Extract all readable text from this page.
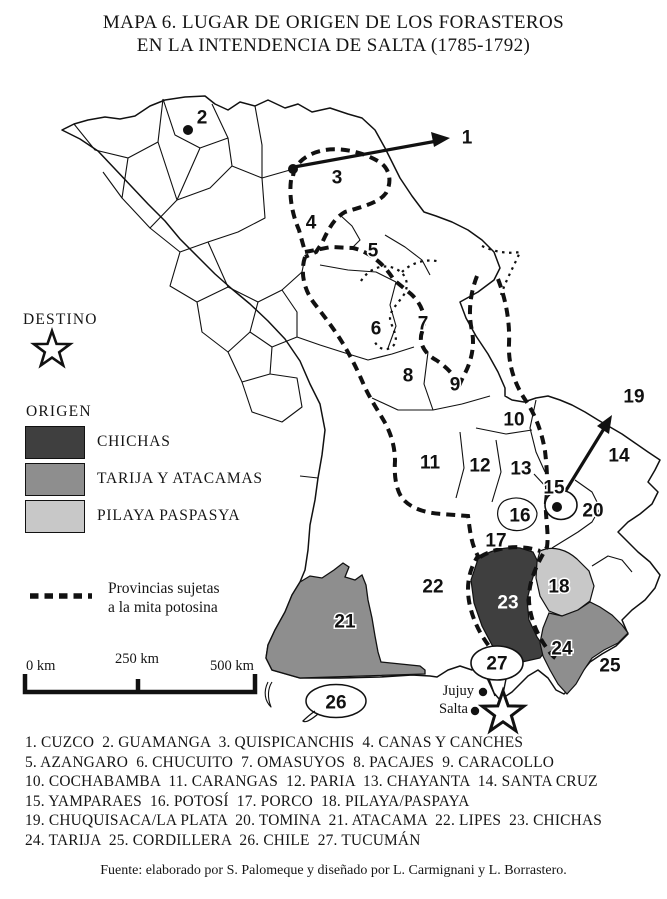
1
2
3
4
5
6 7
8 9
10
11 12 13
14
15
16
17
18
19
20
21
22
23
24
25
26
27
Jujuy
Salta
MAPA 6. LUGAR DE ORIGEN DE LOS FORASTEROS
EN LA INTENDENCIA DE SALTA (1785-1792)
DESTINO
ORIGEN
CHICHAS
TARIJA Y ATACAMAS
PILAYA PASPASYA
Provincias sujetas
a la mita potosina
0 km	250 km	500 km
1. CUZCO  2. GUAMANGA  3. QUISPICANCHIS  4. CANAS Y CANCHES
5. AZANGARO  6. CHUCUITO  7. OMASUYOS  8. PACAJES  9. CARACOLLO
10. COCHABAMBA  11. CARANGAS  12. PARIA  13. CHAYANTA  14. SANTA CRUZ
15. YAMPARAES  16. POTOSÍ  17. PORCO  18. PILAYA/PASPAYA
19. CHUQUISACA/LA PLATA  20. TOMINA  21. ATACAMA  22. LIPES  23. CHICHAS
24. TARIJA  25. CORDILLERA  26. CHILE  27. TUCUMÁN
Fuente: elaborado por S. Palomeque y diseñado por L. Carmignani y L. Borrastero.
